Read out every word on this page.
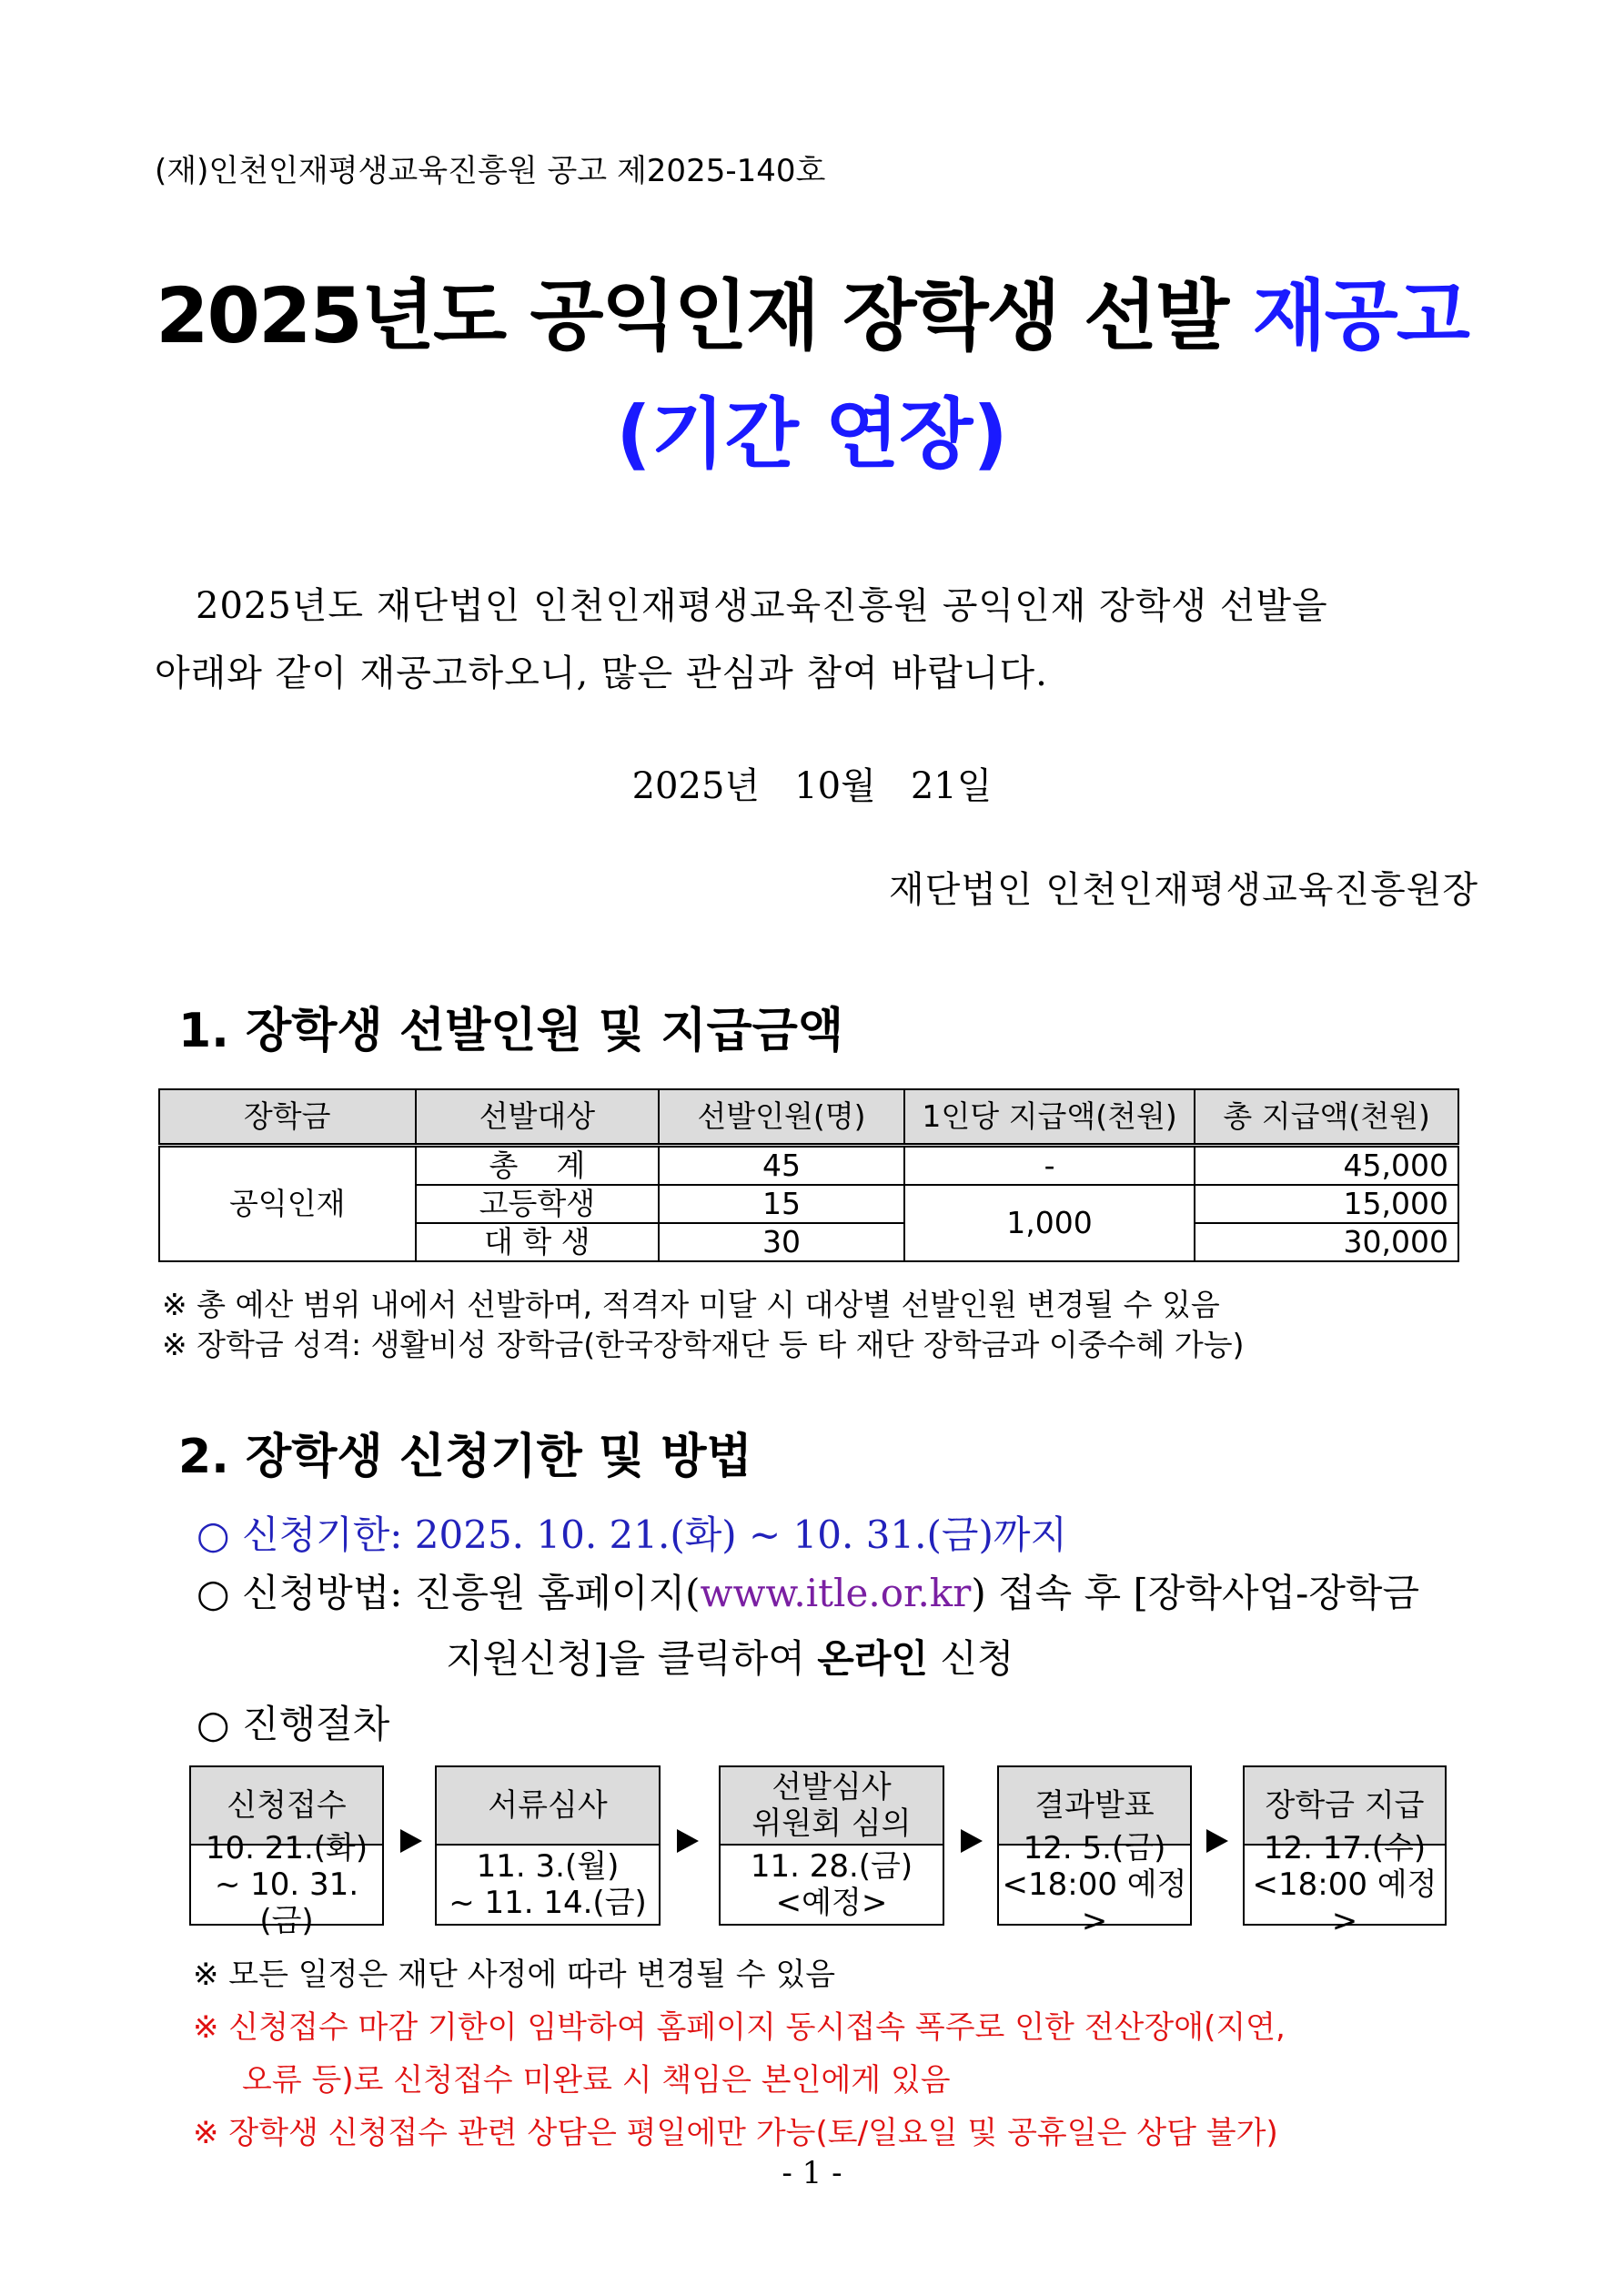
(재)인천인재평생교육진흥원 공고 제2025-140호
2025년도 공익인재 장학생 선발 재공고
(기간 연장)
2025년도 재단법인 인천인재평생교육진흥원 공익인재 장학생 선발을
아래와 같이 재공고하오니, 많은 관심과 참여 바랍니다.
2025년   10월   21일
재단법인 인천인재평생교육진흥원장
1. 장학생 선발인원 및 지급금액
장학금	선발대상	선발인원(명)	1인당 지급액(천원)	총 지급액(천원)
공익인재	총    계	45	-	45,000
	고등학생	15	1,000	15,000
	대 학 생	30		30,000
※ 총 예산 범위 내에서 선발하며, 적격자 미달 시 대상별 선발인원 변경될 수 있음
※ 장학금 성격: 생활비성 장학금(한국장학재단 등 타 재단 장학금과 이중수혜 가능)
2. 장학생 신청기한 및 방법
○ 신청기한: 2025. 10. 21.(화) ~ 10. 31.(금)까지
○ 신청방법: 진흥원 홈페이지(www.itle.or.kr) 접속 후 [장학사업-장학금
지원신청]을 클릭하여 온라인 신청
○ 진행절차
신청접수
10. 21.(화)
~ 10. 31.(금)
서류심사
11. 3.(월)
~ 11. 14.(금)
선발심사
위원회 심의
11. 28.(금)
<예정>
결과발표
12. 5.(금)
<18:00 예정>
장학금 지급
12. 17.(수)
<18:00 예정>
※ 모든 일정은 재단 사정에 따라 변경될 수 있음
※ 신청접수 마감 기한이 임박하여 홈페이지 동시접속 폭주로 인한 전산장애(지연,
오류 등)로 신청접수 미완료 시 책임은 본인에게 있음
※ 장학생 신청접수 관련 상담은 평일에만 가능(토/일요일 및 공휴일은 상담 불가)
- 1 -
